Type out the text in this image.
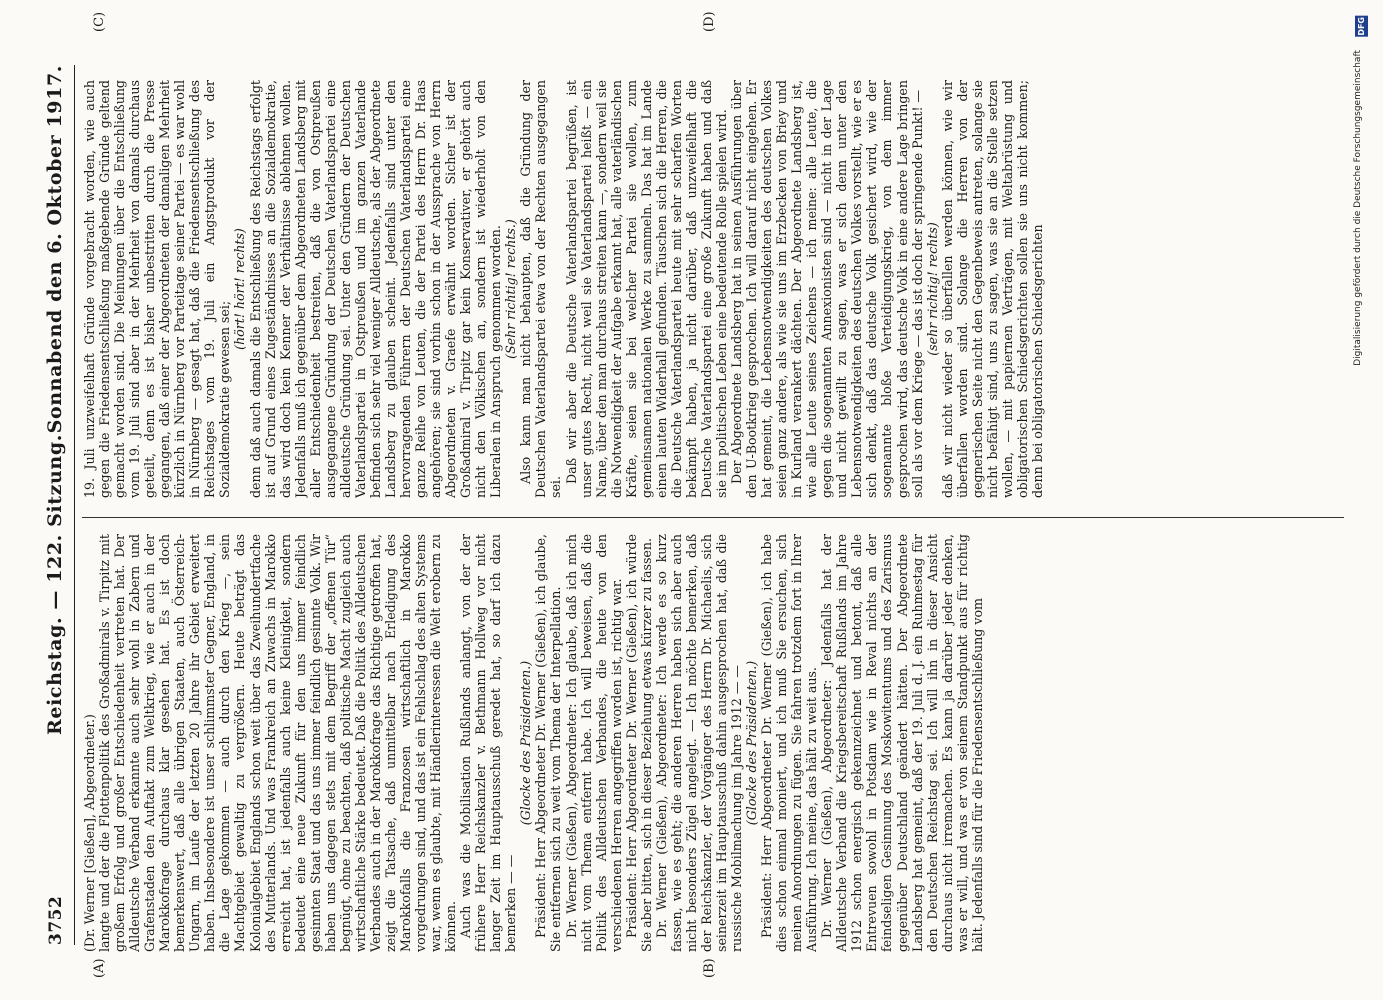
3752
Reichstag. — 122. Sitzung.
Sonnabend den 6. Oktober 1917.
(A)	(B)
(C)	(D)

(Dr. Werner [Gießen], Abgeordneter.) langte und der die Flottenpolitik des Großadmirals v. Tirpitz mit großem Erfolg und großer Entschiedenheit vertreten hat. Der Alldeutsche Verband erkannte auch sehr wohl in Zabern und Grafenstaden den Auftakt zum Weltkrieg, wie er auch in der Marokkofrage durchaus klar gesehen hat. Es ist doch bemerkenswert, daß alle übrigen Staaten, auch Österreich-Ungarn, im Laufe der letzten 20 Jahre ihr Gebiet erweitert haben. Insbesondere ist unser schlimmster Gegner, England, in die Lage gekommen — auch durch den Krieg —, sein Machtgebiet gewaltig zu vergrößern. Heute beträgt das Kolonialgebiet Englands schon weit über das Zweihundertfache des Mutterlands. Und was Frankreich an Zuwachs in Marokko erreicht hat, ist jedenfalls auch keine Kleinigkeit, sondern bedeutet eine neue Zukunft für den uns immer feindlich gesinnten Staat und das uns immer feindlich gesinnte Volk. Wir haben uns dagegen stets mit dem Begriff der „offenen Tür“ begnügt, ohne zu beachten, daß politische Macht zugleich auch wirtschaftliche Stärke bedeutet. Daß die Politik des Alldeutschen Verbandes auch in der Marokkofrage das Richtige getroffen hat, zeigt die Tatsache, daß unmittelbar nach Erledigung des Marokkofalls die Franzosen wirtschaftlich in Marokko vorgedrungen sind, und das ist ein Fehlschlag des alten Systems war, wenn es glaubte, mit Händlerinteressen die Welt erobern zu können. Auch was die Mobilisation Rußlands anlangt, von der der frühere Herr Reichskanzler v. Bethmann Hollweg vor nicht langer Zeit im Hauptausschuß geredet hat, so darf ich dazu bemerken — —

(Glocke des Präsidenten.) Präsident: Herr Abgeordneter Dr. Werner (Gießen), ich glaube, Sie entfernen sich zu weit vom Thema der Interpellation. Dr. Werner (Gießen), Abgeordneter: Ich glaube, daß ich mich nicht vom Thema entfernt habe. Ich will beweisen, daß die Politik des Alldeutschen Verbandes, die heute von den verschiedenen Herren angegriffen worden ist, richtig war. Präsident: Herr Abgeordneter Dr. Werner (Gießen), ich würde Sie aber bitten, sich in dieser Beziehung etwas kürzer zu fassen. Dr. Werner (Gießen), Abgeordneter: Ich werde es so kurz fassen, wie es geht; die anderen Herren haben sich aber auch nicht besonders Zügel angelegt. — Ich möchte bemerken, daß der Reichskanzler, der Vorgänger des Herrn Dr. Michaelis, sich seinerzeit im Hauptausschuß dahin ausgesprochen hat, daß die russische Mobilmachung im Jahre 1912 — — (Glocke des Präsidenten.) Präsident: Herr Abgeordneter Dr. Werner (Gießen), ich habe dies schon einmal moniert, und ich muß Sie ersuchen, sich meinen Anordnungen zu fügen. Sie fahren trotzdem fort in Ihrer Ausführung. Ich meine, das hält zu weit aus. Dr. Werner (Gießen), Abgeordneter: Jedenfalls hat der Alldeutsche Verband die Kriegsbereitschaft Rußlands im Jahre 1912 schon energisch gekennzeichnet und betont, daß alle Entrevuen sowohl in Potsdam wie in Reval nichts an der feindseligen Gesinnung des Moskowitentums und des Zarismus gegenüber Deutschland geändert hätten. Der Abgeordnete Landsberg hat gemeint, daß der 19. Juli d. J. ein Ruhmestag für den Deutschen Reichstag sei. Ich will ihn in dieser Ansicht durchaus nicht irremachen. Es kann ja darüber jeder denken, was er will, und was er von seinem Standpunkt aus für richtig hält. Jedenfalls sind für die Friedensentschließung vom

19. Juli unzweifelhaft Gründe vorgebracht worden, wie auch gegen die Friedensentschließung maßgebende Gründe geltend gemacht worden sind. Die Meinungen über die Entschließung vom 19. Juli sind aber in der Mehrheit von damals durchaus geteilt, denn es ist bisher unbestritten durch die Presse gegangen, daß einer der Abgeordneten der damaligen Mehrheit kürzlich in Nürnberg vor Parteitage seiner Partei — es war wohl in Nürnberg — gesagt hat, daß die Friedensentschließung des Reichstages vom 19. Juli ein Angstprodukt vor der Sozialdemokratie gewesen sei;

(hört! hört! rechts) denn daß auch damals die Entschließung des Reichstags erfolgt ist auf Grund eines Zugeständnisses an die Sozialdemokratie, das wird doch kein Kenner der Verhältnisse ablehnen wollen. Jedenfalls muß ich gegenüber dem Abgeordneten Landsberg mit aller Entschiedenheit bestreiten, daß die von Ostpreußen ausgegangene Gründung der Deutschen Vaterlandspartei eine alldeutsche Gründung sei. Unter den Gründern der Deutschen Vaterlandspartei in Ostpreußen und im ganzen Vaterlande befinden sich sehr viel weniger Alldeutsche, als der Abgeordnete Landsberg zu glauben scheint. Jedenfalls sind unter den hervorragenden Führern der Deutschen Vaterlandspartei eine ganze Reihe von Leuten, die der Partei des Herrn Dr. Haas angehören; sie sind vorhin schon in der Aussprache von Herrn Abgeordneten v. Graefe erwähnt worden. Sicher ist der Großadmiral v. Tirpitz gar kein Konservativer, er gehört auch nicht den Völkischen an, sondern ist wiederholt von den Liberalen in Anspruch genommen worden. (Sehr richtig! rechts.) Also kann man nicht behaupten, daß die Gründung der Deutschen Vaterlandspartei etwa von der Rechten ausgegangen sei.

Daß wir aber die Deutsche Vaterlandspartei begrüßen, ist unser gutes Recht, nicht weil sie Vaterlandspartei heißt — ein Name, über den man durchaus streiten kann —, sondern weil sie die Notwendigkeit der Aufgabe erkannt hat, alle vaterländischen Kräfte, seien sie bei welcher Partei sie wollen, zum gemeinsamen nationalen Werke zu sammeln. Das hat im Lande einen lauten Widerhall gefunden. Täuschen sich die Herren, die die Deutsche Vaterlandspartei heute mit sehr scharfen Worten bekämpft haben, ja nicht darüber, daß unzweifelhaft die Deutsche Vaterlandspartei eine große Zukunft haben und daß sie im politischen Leben eine bedeutende Rolle spielen wird. Der Abgeordnete Landsberg hat in seinen Ausführungen über den U-Bootkrieg gesprochen. Ich will darauf nicht eingehen. Er hat gemeint, die Lebensnotwendigkeiten des deutschen Volkes seien ganz andere, als wie sie uns im Erzbecken von Briey und in Kurland verankert dächten. Der Abgeordnete Landsberg ist, wie alle Leute seines Zeichens — ich meine: alle Leute, die gegen die sogenannten Annexionisten sind — nicht in der Lage und nicht gewillt zu sagen, was er sich denn unter den Lebensnotwendigkeiten des deutschen Volkes vorstellt, wie er es sich denkt, daß das deutsche Volk gesichert wird, wie der sogenannte bloße Verteidigungskrieg, von dem immer gesprochen wird, das deutsche Volk in eine andere Lage bringen soll als vor dem Kriege — das ist doch der springende Punkt! — (sehr richtig! rechts) daß wir nicht wieder so überfallen werden können, wie wir überfallen worden sind. Solange die Herren von der gegnerischen Seite nicht den Gegenbeweis antreten, solange sie nicht befähigt sind, uns zu sagen, was sie an die Stelle setzen wollen, — mit papiernen Verträgen, mit Weltabrüstung und obligatorischen Schiedsgerichten sollen sie uns nicht kommen; denn bei obligatorischen Schiedsgerichten

DFG
Digitalisierung gefördert durch die Deutsche Forschungsgemeinschaft
